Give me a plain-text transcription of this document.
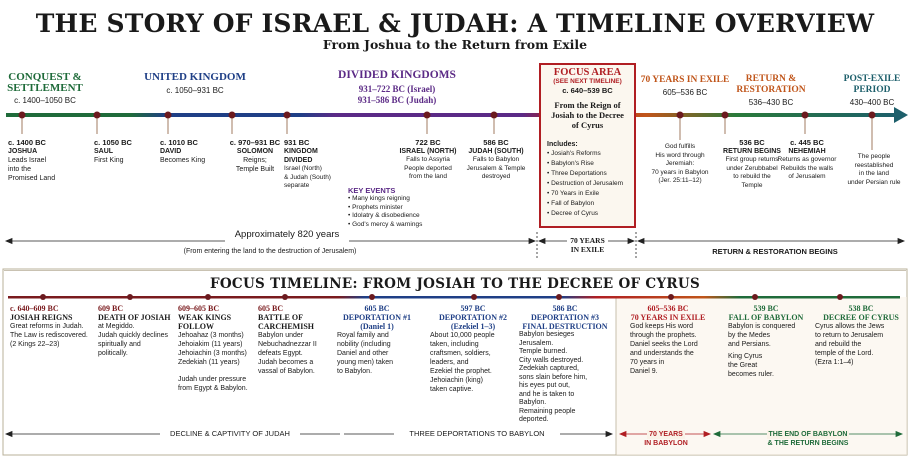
THE STORY OF ISRAEL & JUDAH: A TIMELINE OVERVIEW
From Joshua to the Return from Exile
CONQUEST &
SETTLEMENT
c. 1400–1050 BC
UNITED KINGDOM
c. 1050–931 BC
DIVIDED KINGDOMS
931–722 BC (Israel)
931–586 BC (Judah)
70 YEARS IN EXILE
605–536 BC
RETURN &
RESTORATION
536–430 BC
POST-EXILE
PERIOD
430–400 BC
c. 1400 BC
JOSHUA
Leads Israel
into the
Promised Land
c. 1050 BC
SAUL
First King
c. 1010 BC
DAVID
Becomes King
c. 970–931 BC
SOLOMON
Reigns;
Temple Built
931 BC
KINGDOM
DIVIDED
Israel (North)
& Judah (South)
separate
722 BC
ISRAEL (NORTH)
Falls to Assyria
People deported
from the land
586 BC
JUDAH (SOUTH)
Falls to Babylon
Jerusalem & Temple
destroyed
KEY EVENTS
• Many kings reigning
• Prophets minister
• Idolatry & disobedience
• God's mercy & warnings
FOCUS AREA
(SEE NEXT TIMELINE)
c. 640–539 BC
From the Reign of
Josiah to the Decree
of Cyrus
Includes:
• Josiah's Reforms
• Babylon's Rise
• Three Deportations
• Destruction of Jerusalem
• 70 Years in Exile
• Fall of Babylon
• Decree of Cyrus
God fulfills
His word through
Jeremiah:
70 years in Babylon
(Jer. 25:11–12)
536 BC
RETURN BEGINS
First group returns
under Zerubbabel
to rebuild the
Temple
c. 445 BC
NEHEMIAH
Returns as governor
Rebuilds the walls
of Jerusalem
The people
reestablished
in the land
under Persian rule
Approximately 820 years
(From entering the land to the destruction of Jerusalem)
70 YEARS
IN EXILE	RETURN & RESTORATION BEGINS
FOCUS TIMELINE: FROM JOSIAH TO THE DECREE OF CYRUS
c. 640–609 BC
JOSIAH REIGNS
Great reforms in Judah.
The Law is rediscovered.
(2 Kings 22–23)
609 BC
DEATH OF JOSIAH
at Megiddo.
Judah quickly declines
spiritually and
politically.
609–605 BC
WEAK KINGS FOLLOW
Jehoahaz (3 months)
Jehoiakim (11 years)
Jehoiachin (3 months)
Zedekiah (11 years)
Judah under pressure
from Egypt & Babylon.
605 BC
BATTLE OF
CARCHEMISH
Babylon under
Nebuchadnezzar II
defeats Egypt.
Judah becomes a
vassal of Babylon.
605 BC
DEPORTATION #1
(Daniel 1)
Royal family and
nobility (including
Daniel and other
young men) taken
to Babylon.
597 BC
DEPORTATION #2
(Ezekiel 1–3)
About 10,000 people
taken, including
craftsmen, soldiers,
leaders, and
Ezekiel the prophet.
Jehoiachin (king)
taken captive.
586 BC
DEPORTATION #3
FINAL DESTRUCTION
Babylon besieges
Jerusalem.
Temple burned.
City walls destroyed.
Zedekiah captured,
sons slain before him,
his eyes put out,
and he is taken to
Babylon.
Remaining people
deported.
605–536 BC
70 YEARS IN EXILE
God keeps His word
through the prophets.
Daniel seeks the Lord
and understands the
70 years in
Daniel 9.
539 BC
FALL OF BABYLON
Babylon is conquered
by the Medes
and Persians.
King Cyrus
the Great
becomes ruler.
538 BC
DECREE OF CYRUS
Cyrus allows the Jews
to return to Jerusalem
and rebuild the
temple of the Lord.
(Ezra 1:1–4)
DECLINE & CAPTIVITY OF JUDAH	THREE DEPORTATIONS TO BABYLON	70 YEARS
IN BABYLON
THE END OF BABYLON
& THE RETURN BEGINS
